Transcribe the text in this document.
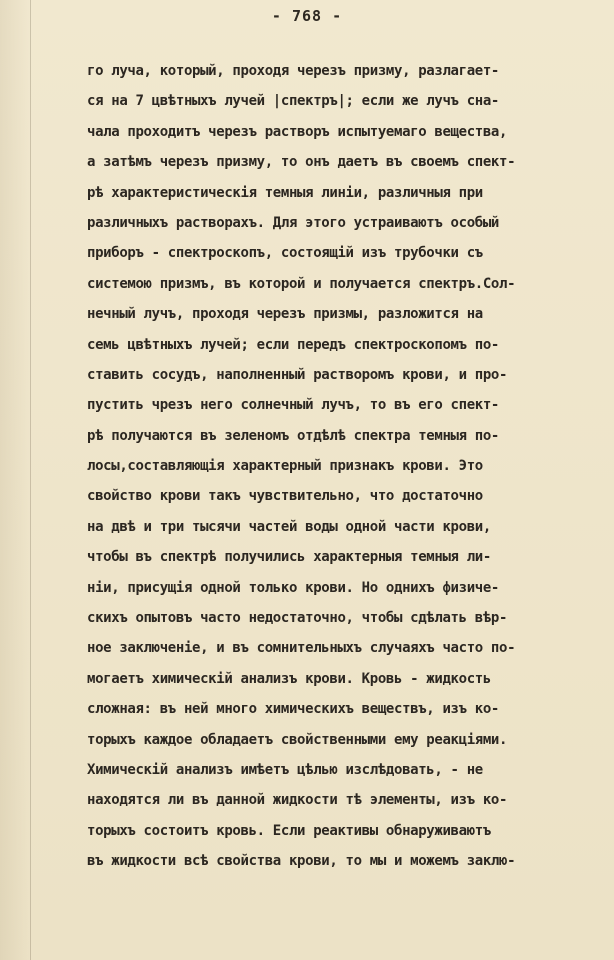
- 768 -
го луча, который, проходя черезъ призму, разлагает-
ся на 7 цвѣтныхъ лучей |спектръ|; если же лучъ сна-
чала проходитъ черезъ растворъ испытуемаго вещества,
а затѣмъ черезъ призму, то онъ даетъ въ своемъ спект-
рѣ характеристическія темныя линіи, различныя при
различныхъ растворахъ. Для этого устраиваютъ особый
приборъ - спектроскопъ, состоящій изъ трубочки съ
системою призмъ, въ которой и получается спектръ.Сол-
нечный лучъ, проходя черезъ призмы, разложится на
семь цвѣтныхъ лучей; если передъ спектроскопомъ по-
ставить сосудъ, наполненный растворомъ крови, и про-
пустить чрезъ него солнечный лучъ, то въ его спект-
рѣ получаются въ зеленомъ отдѣлѣ спектра темныя по-
лосы,составляющія характерный признакъ крови. Это
свойство крови такъ чувствительно, что достаточно
на двѣ и три тысячи частей воды одной части крови,
чтобы въ спектрѣ получились характерныя темныя ли-
ніи, присущія одной только крови. Но однихъ физиче-
скихъ опытовъ часто недостаточно, чтобы сдѣлать вѣр-
ное заключеніе, и въ сомнительныхъ случаяхъ часто по-
могаетъ химическій анализъ крови. Кровь - жидкость
сложная: въ ней много химическихъ веществъ, изъ ко-
торыхъ каждое обладаетъ свойственными ему реакціями.
Химическій анализъ имѣетъ цѣлью изслѣдовать, - не
находятся ли въ данной жидкости тѣ элементы, изъ ко-
торыхъ состоитъ кровь. Если реактивы обнаруживаютъ
въ жидкости всѣ свойства крови, то мы и можемъ заклю-
